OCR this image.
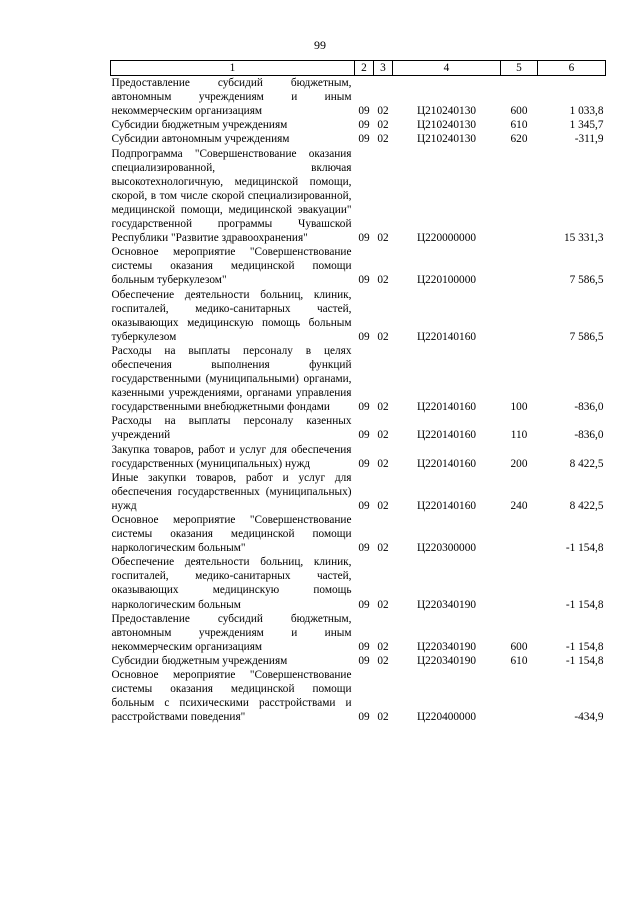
99
1	2	3	4	5	6
Предоставление субсидий бюджетным, автономным учреждениям и иным некоммерческим организациям	09	02	Ц210240130	600	1 033,8
Субсидии бюджетным учреждениям	09	02	Ц210240130	610	1 345,7
Субсидии автономным учреждениям	09	02	Ц210240130	620	-311,9
Подпрограмма "Совершенствование оказания специализированной, включая высокотехнологичную, медицинской помощи, скорой, в том числе скорой специализированной, медицинской помощи, медицинской эвакуации" государственной программы Чувашской Республики "Развитие здравоохранения"	09	02	Ц220000000		15 331,3
Основное мероприятие "Совершенствование системы оказания медицинской помощи больным туберкулезом"	09	02	Ц220100000		7 586,5
Обеспечение деятельности больниц, клиник, госпиталей, медико-санитарных частей, оказывающих медицинскую помощь больным туберкулезом	09	02	Ц220140160		7 586,5
Расходы на выплаты персоналу в целях обеспечения выполнения функций государственными (муниципальными) органами, казенными учреждениями, органами управления государственными внебюджетными фондами	09	02	Ц220140160	100	-836,0
Расходы на выплаты персоналу казенных учреждений	09	02	Ц220140160	110	-836,0
Закупка товаров, работ и услуг для обеспечения государственных (муниципальных) нужд	09	02	Ц220140160	200	8 422,5
Иные закупки товаров, работ и услуг для обеспечения государственных (муниципальных) нужд	09	02	Ц220140160	240	8 422,5
Основное мероприятие "Совершенствование системы оказания медицинской помощи наркологическим больным"	09	02	Ц220300000		-1 154,8
Обеспечение деятельности больниц, клиник, госпиталей, медико-санитарных частей, оказывающих медицинскую помощь наркологическим больным	09	02	Ц220340190		-1 154,8
Предоставление субсидий бюджетным, автономным учреждениям и иным некоммерческим организациям	09	02	Ц220340190	600	-1 154,8
Субсидии бюджетным учреждениям	09	02	Ц220340190	610	-1 154,8
Основное мероприятие "Совершенствование системы оказания медицинской помощи больным с психическими расстройствами и расстройствами поведения"	09	02	Ц220400000		-434,9
